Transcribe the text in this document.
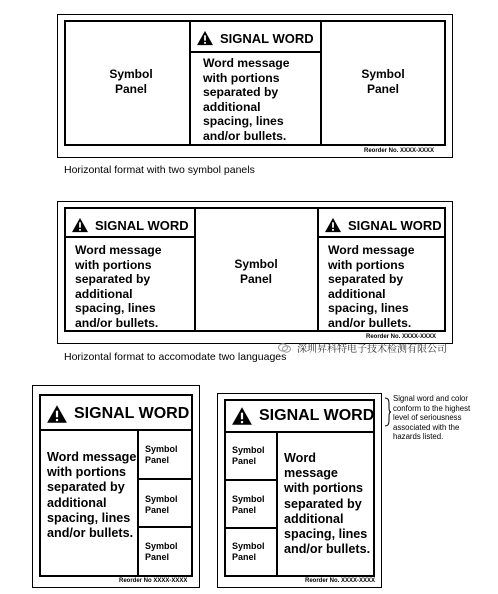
Symbol Panel
Symbol Panel
SIGNAL WORD
Word message
with portions
separated by
additional
spacing, lines
and/or bullets.
Reorder No. XXXX-XXXX
Horizontal format with two symbol panels
SIGNAL WORD	SIGNAL WORD
Word message
with portions
separated by
additional
spacing, lines
and/or bullets.
Word message
with portions
separated by
additional
spacing, lines
and/or bullets.
Symbol Panel
Reorder No. XXXX-XXXX
Horizontal format to accomodate two languages
深圳昇科特电子技术检测有限公司
SIGNAL WORD
Word message
with portions
separated by
additional
spacing, lines
and/or bullets.
Symbol Panel
Symbol Panel
Symbol Panel
Reorder No XXXX-XXXX
SIGNAL WORD
Symbol Panel
Symbol Panel
Symbol Panel
Word message
with portions
separated by
additional
spacing, lines
and/or bullets.
Reorder No. XXXX-XXXX
Signal word and color
conform to the highest
level of seriousness
associated with the
hazards listed.
